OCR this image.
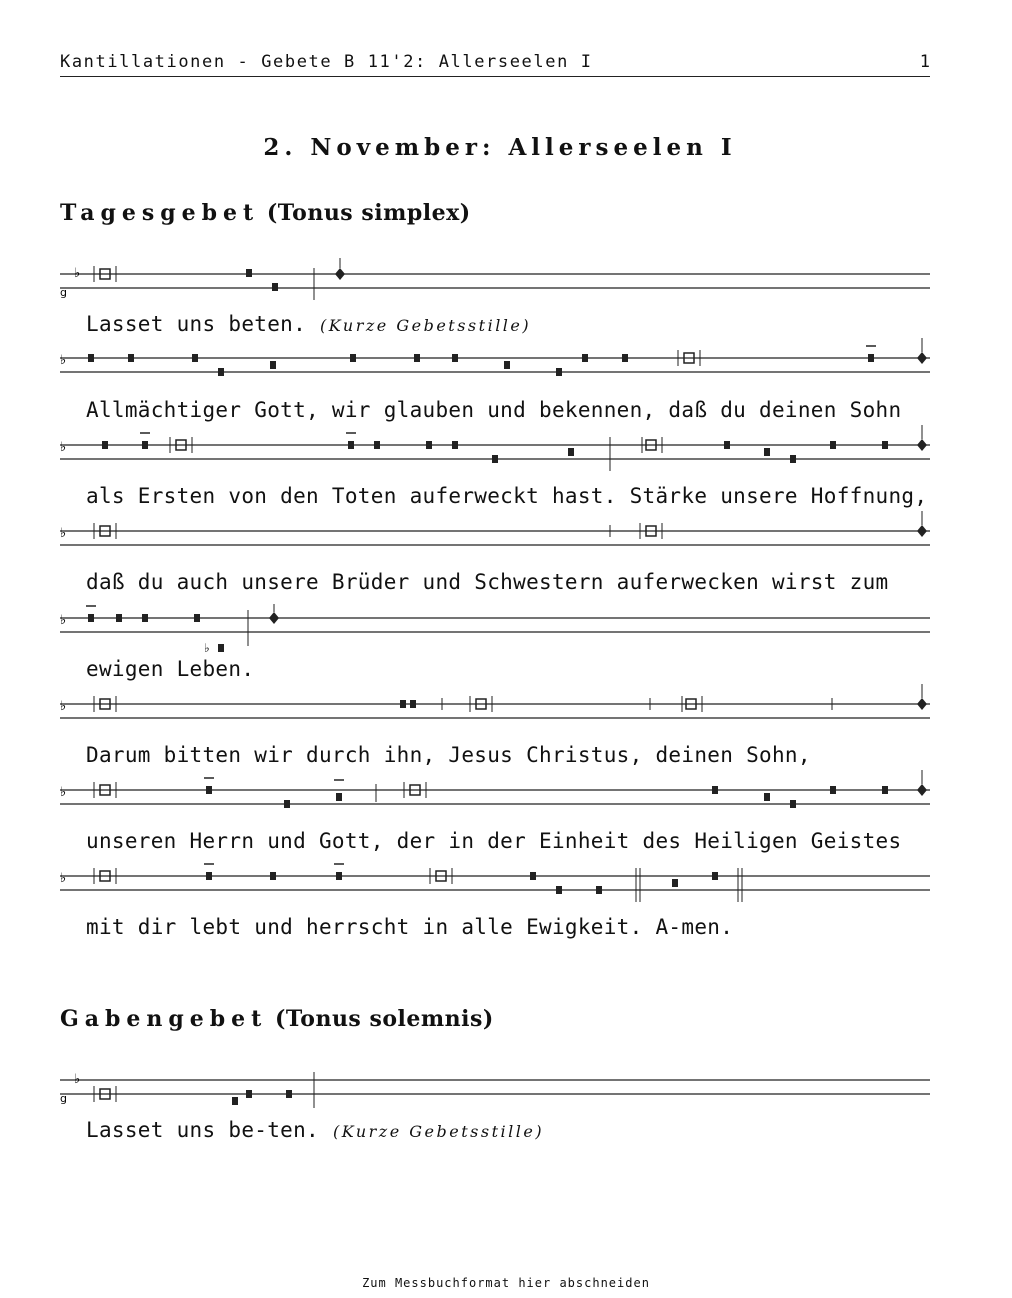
Kantillationen - Gebete B 11'2: Allerseelen I	1
2. November: Allerseelen I
Tagesgebet (Tonus simplex)
♭
g
Lasset uns beten. (Kurze Gebetsstille)
♭
Allmächtiger Gott, wir glauben und bekennen, daß du deinen Sohn
♭
als Ersten von den Toten auferweckt hast. Stärke unsere Hoffnung,
♭
daß du auch unsere Brüder und Schwestern auferwecken wirst zum
♭
♭
ewigen Leben.
♭
Darum bitten wir durch ihn, Jesus Christus, deinen Sohn,
♭
unseren Herrn und Gott, der in der Einheit des Heiligen Geistes
♭
mit dir lebt und herrscht in alle Ewigkeit. A-men.
Gabengebet (Tonus solemnis)
♭
g
Lasset uns be-ten. (Kurze Gebetsstille)
Zum Messbuchformat hier abschneiden
